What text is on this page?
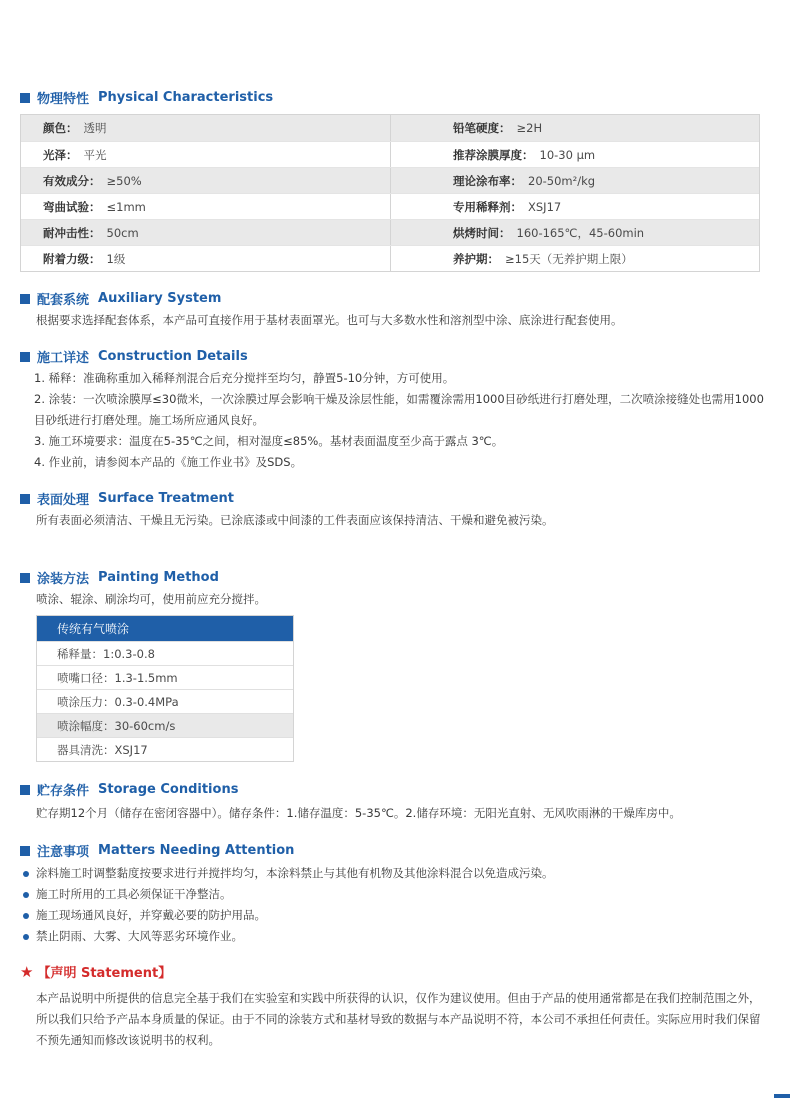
物理特性 Physical Characteristics
颜色： 透明	铅笔硬度： ≥2H
光泽： 平光	推荐涂膜厚度： 10-30 μm
有效成分： ≥50%	理论涂布率： 20-50m²/kg
弯曲试验： ≤1mm	专用稀释剂： XSJ17
耐冲击性： 50cm	烘烤时间： 160-165℃，45-60min
附着力级： 1级	养护期： ≥15天（无养护期上限）
配套系统 Auxiliary System
根据要求选择配套体系，本产品可直接作用于基材表面罩光。也可与大多数水性和溶剂型中涂、底涂进行配套使用。
施工详述 Construction Details
1. 稀释：准确称重加入稀释剂混合后充分搅拌至均匀，静置5-10分钟，方可使用。
2. 涂装：一次喷涂膜厚≤30微米，一次涂膜过厚会影响干燥及涂层性能，如需覆涂需用1000目砂纸进行打磨处理，二次喷涂接缝处也需用1000目砂纸进行打磨处理。施工场所应通风良好。
3. 施工环境要求：温度在5-35℃之间，相对湿度≤85%。基材表面温度至少高于露点 3℃。
4. 作业前，请参阅本产品的《施工作业书》及SDS。
表面处理 Surface Treatment
所有表面必须清洁、干燥且无污染。已涂底漆或中间漆的工件表面应该保持清洁、干燥和避免被污染。
涂装方法 Painting Method
喷涂、辊涂、刷涂均可，使用前应充分搅拌。
传统有气喷涂
稀释量：1:0.3-0.8
喷嘴口径：1.3-1.5mm
喷涂压力：0.3-0.4MPa
喷涂幅度：30-60cm/s
器具清洗：XSJ17
贮存条件 Storage Conditions
贮存期12个月（储存在密闭容器中）。储存条件：1.储存温度：5-35℃。2.储存环境：无阳光直射、无风吹雨淋的干燥库房中。
注意事项 Matters Needing Attention
涂料施工时调整黏度按要求进行并搅拌均匀，本涂料禁止与其他有机物及其他涂料混合以免造成污染。
施工时所用的工具必须保证干净整洁。
施工现场通风良好，并穿戴必要的防护用品。
禁止阴雨、大雾、大风等恶劣环境作业。
★ 【声明 Statement】
本产品说明中所提供的信息完全基于我们在实验室和实践中所获得的认识，仅作为建议使用。但由于产品的使用通常都是在我们控制范围之外，所以我们只给予产品本身质量的保证。由于不同的涂装方式和基材导致的数据与本产品说明不符，本公司不承担任何责任。实际应用时我们保留不预先通知而修改该说明书的权利。
